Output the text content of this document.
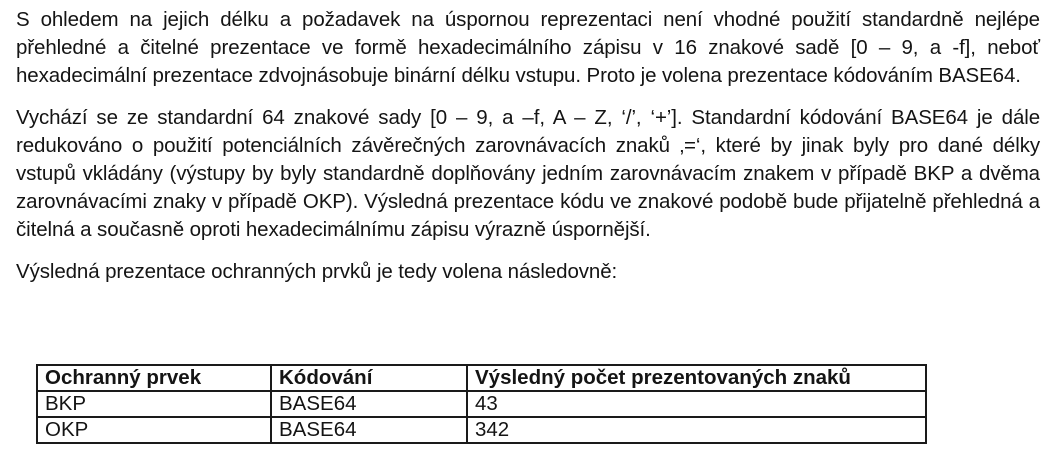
S ohledem na jejich délku a požadavek na úspornou reprezentaci není vhodné použití standardně nejlépe přehledné a čitelné prezentace ve formě hexadecimálního zápisu v 16 znakové sadě [0 – 9, a -f], neboť hexadecimální prezentace zdvojnásobuje binární délku vstupu. Proto je volena prezentace kódováním BASE64.

Vychází se ze standardní 64 znakové sady [0 – 9, a –f, A – Z, ‘/’, ‘+’]. Standardní kódování BASE64 je dále redukováno o použití potenciálních závěrečných zarovnávacích znaků ‚=‘, které by jinak byly pro dané délky vstupů vkládány (výstupy by byly standardně doplňovány jedním zarovnávacím znakem v případě BKP a dvěma zarovnávacími znaky v případě OKP). Výsledná prezentace kódu ve znakové podobě bude přijatelně přehledná a čitelná a současně oproti hexadecimálnímu zápisu výrazně úspornější.

Výsledná prezentace ochranných prvků je tedy volena následovně:

Ochranný prvek	Kódování	Výsledný počet prezentovaných znaků
BKP	BASE64	43
OKP	BASE64	342
